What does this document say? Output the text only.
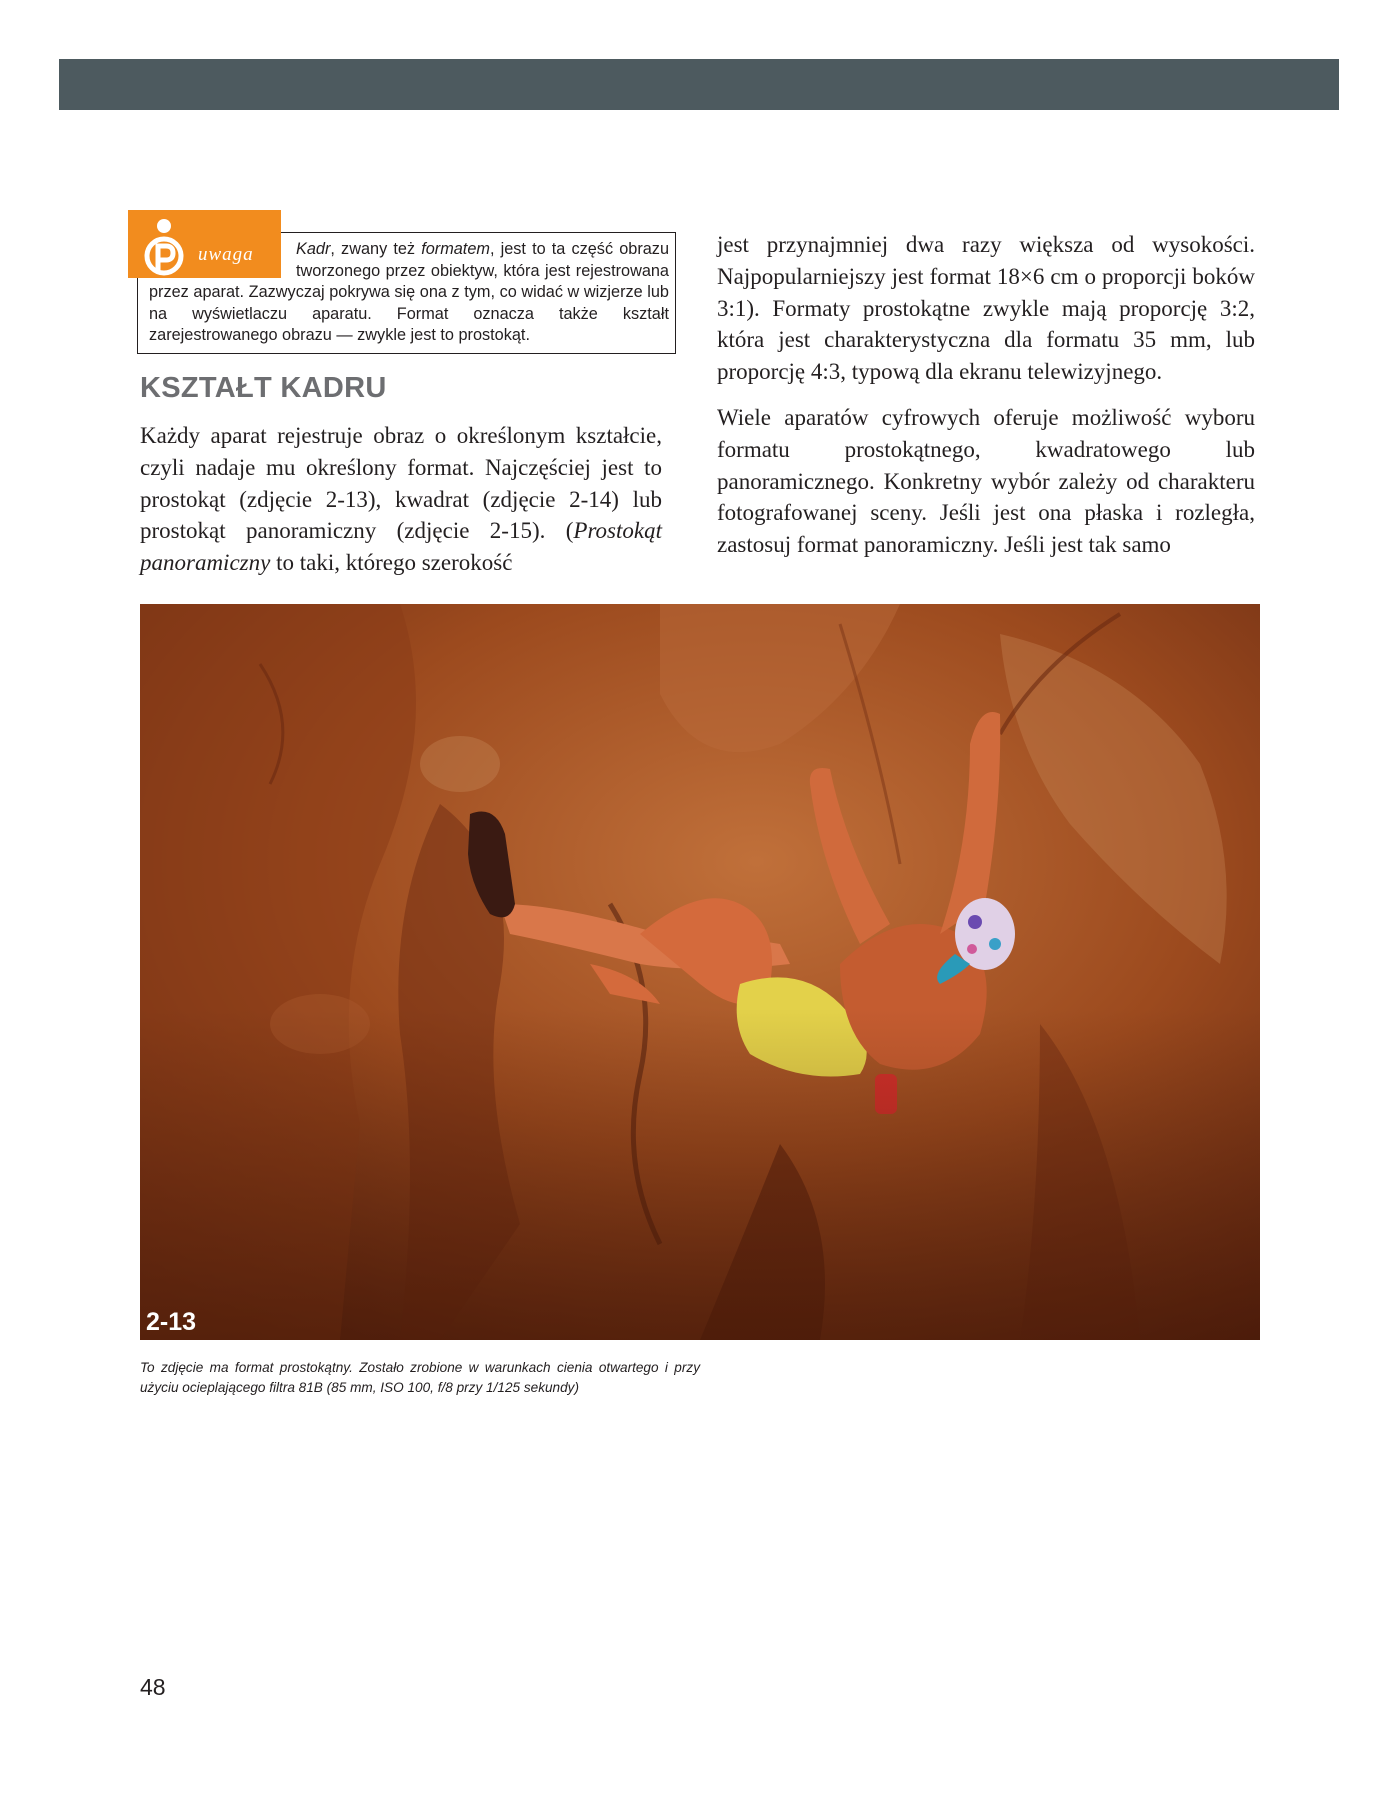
uwaga	Kadr, zwany też formatem, jest to ta część obrazu tworzonego przez obiektyw, która jest rejestrowana przez aparat. Zazwyczaj pokrywa się ona z tym, co widać w wizjerze lub na wyświetlaczu aparatu. Format oznacza także kształt zarejestrowanego obrazu — zwykle jest to prostokąt.
KSZTAŁT KADRU

Każdy aparat rejestruje obraz o określonym kształcie, czyli nadaje mu określony format. Najczęściej jest to prostokąt (zdjęcie 2-13), kwadrat (zdjęcie 2-14) lub prostokąt panoramiczny (zdjęcie 2-15). (Prostokąt panoramiczny to taki, którego szerokość

jest przynajmniej dwa razy większa od wysokości. Najpopularniejszy jest format 18×6 cm o proporcji boków 3:1). Formaty prostokątne zwykle mają proporcję 3:2, która jest charakterystyczna dla formatu 35 mm, lub proporcję 4:3, typową dla ekranu telewizyjnego.

Wiele aparatów cyfrowych oferuje możliwość wyboru formatu prostokątnego, kwadratowego lub panoramicznego. Konkretny wybór zależy od charakteru fotografowanej sceny. Jeśli jest ona płaska i rozległa, zastosuj format panoramiczny. Jeśli jest tak samo

2-13
To zdjęcie ma format prostokątny. Zostało zrobione w warunkach cienia otwartego i przy użyciu ocieplającego filtra 81B (85 mm, ISO 100, f/8 przy 1/125 sekundy)
48
